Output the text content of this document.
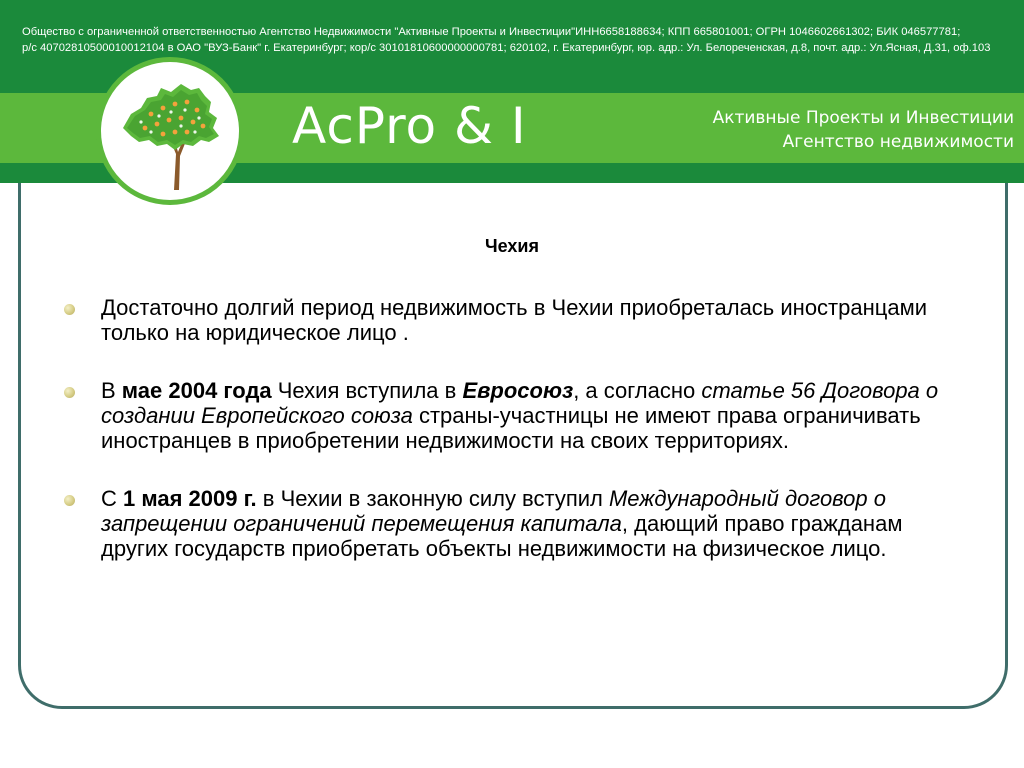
Общество с ограниченной ответственностью Агентство Недвижимости "Активные Проекты и Инвестиции"ИНН6658188634; КПП 665801001; ОГРН 1046602661302; БИК 046577781;
р/с 40702810500010012104 в ОАО "ВУЗ-Банк" г. Екатеринбург; кор/с 30101810600000000781; 620102, г. Екатеринбург, юр. адр.: Ул. Белореченская, д.8, почт. адр.: Ул.Ясная, Д.31, оф.103
AcPro & I	Активные Проекты и Инвестиции
Агентство недвижимости
Чехия

Достаточно долгий период недвижимость в Чехии приобреталась иностранцами только на юридическое лицо .

В мае 2004 года Чехия вступила в Евросоюз, а согласно статье 56 Договора о создании Европейского союза страны-участницы не имеют права ограничивать иностранцев в приобретении недвижимости на своих территориях.

С 1 мая 2009 г. в Чехии в законную силу вступил Международный договор о запрещении ограничений перемещения капитала, дающий право гражданам других государств приобретать объекты недвижимости на физическое лицо.
